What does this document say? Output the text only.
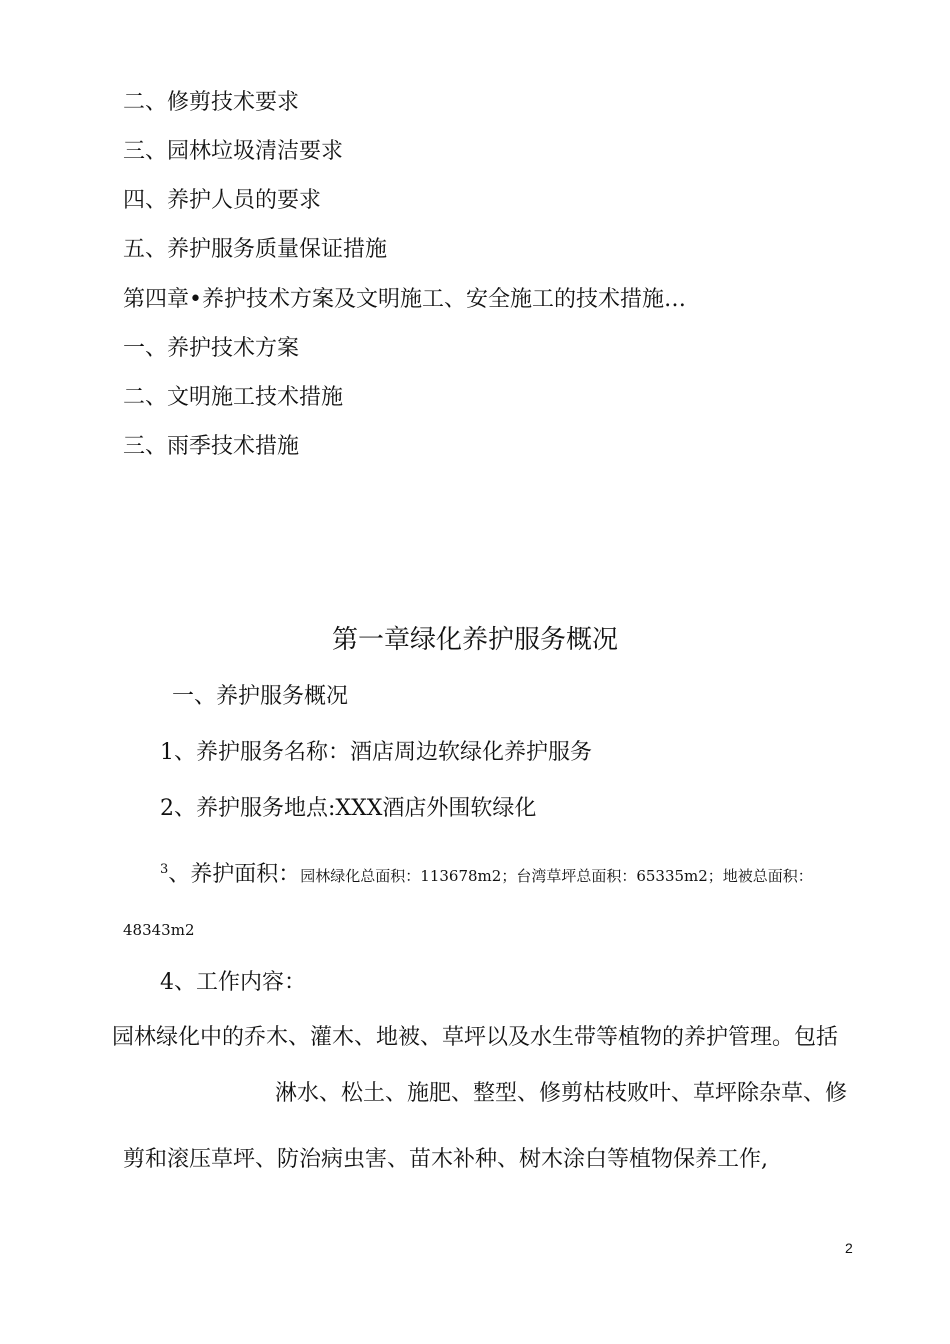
二、修剪技术要求
三、园林垃圾清洁要求
四、养护人员的要求
五、养护服务质量保证措施
第四章•养护技术方案及文明施工、安全施工的技术措施…
一、养护技术方案
二、文明施工技术措施
三、雨季技术措施
第一章绿化养护服务概况
一、养护服务概况
1、养护服务名称：酒店周边软绿化养护服务
2、养护服务地点:XXX酒店外围软绿化
$^3$、养护面积：园林绿化总面积：113678m2；台湾草坪总面积：65335m2；地被总面积：
48343m2
4、工作内容：
园林绿化中的乔木、灌木、地被、草坪以及水生带等植物的养护管理。包括
淋水、松土、施肥、整型、修剪枯枝败叶、草坪除杂草、修
剪和滚压草坪、防治病虫害、苗木补种、树木涂白等植物保养工作,
2
